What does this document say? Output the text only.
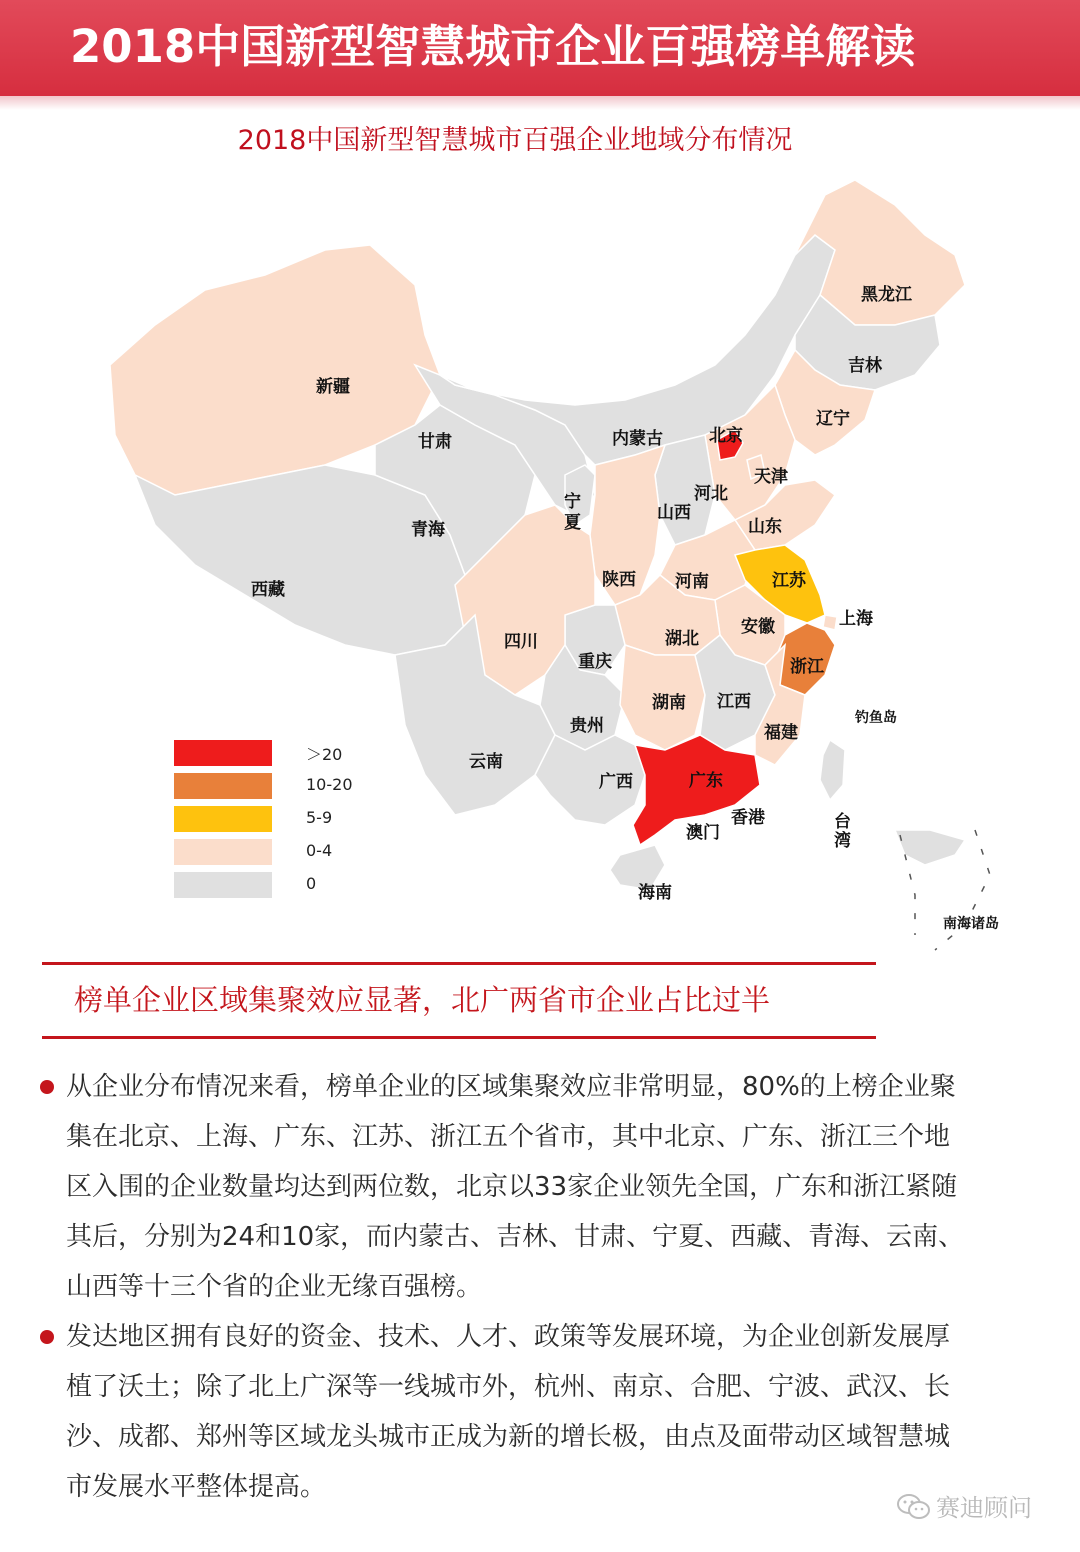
2018中国新型智慧城市企业百强榜单解读
2018中国新型智慧城市百强企业地域分布情况
黑龙江
吉林
辽宁
新疆
甘肃	内蒙古	北京
天津
河北
山西
宁
夏
青海	山东
西藏	陕西 河南	江苏
上海
安徽
四川	湖北
重庆	浙江
湖南 江西
钓鱼岛
贵州	福建
云南
广西	广东
香港
澳门
台
湾
海南
南海诸岛
＞20
10-20
5-9
0-4
0
榜单企业区域集聚效应显著，北广两省市企业占比过半
从企业分布情况来看，榜单企业的区域集聚效应非常明显，80%的上榜企业聚
集在北京、上海、广东、江苏、浙江五个省市，其中北京、广东、浙江三个地
区入围的企业数量均达到两位数，北京以33家企业领先全国，广东和浙江紧随
其后，分别为24和10家，而内蒙古、吉林、甘肃、宁夏、西藏、青海、云南、
山西等十三个省的企业无缘百强榜。
发达地区拥有良好的资金、技术、人才、政策等发展环境，为企业创新发展厚
植了沃土；除了北上广深等一线城市外，杭州、南京、合肥、宁波、武汉、长
沙、成都、郑州等区域龙头城市正成为新的增长极，由点及面带动区域智慧城
市发展水平整体提高。
赛迪顾问
